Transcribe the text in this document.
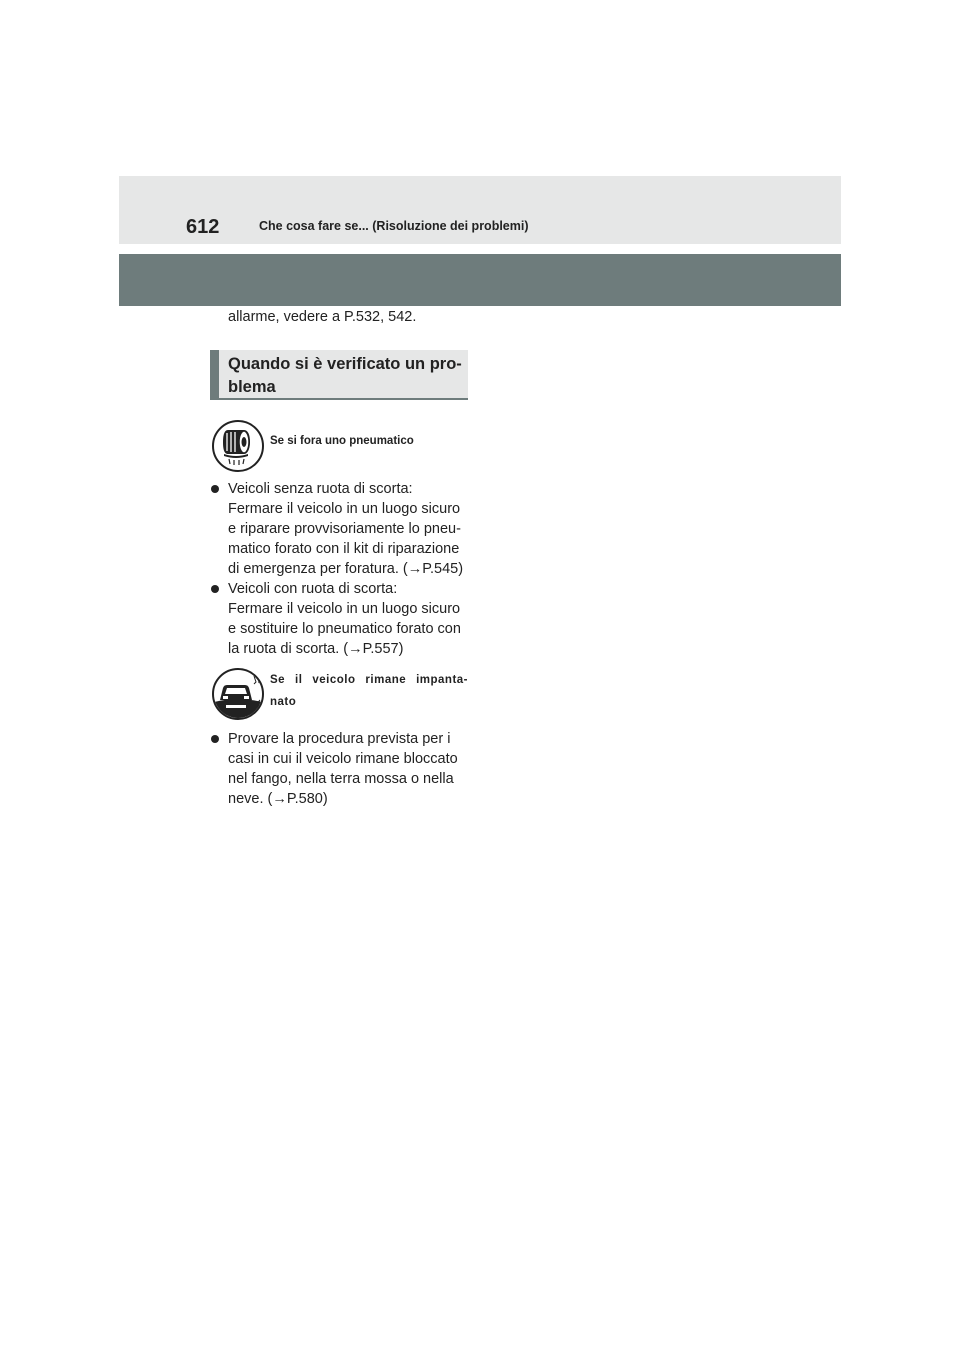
612	Che cosa fare se... (Risoluzione dei problemi)
allarme, vedere a P.532, 542.
Quando si è verificato un pro-
blema
Se si fora uno pneumatico
Veicoli senza ruota di scorta:
Fermare il veicolo in un luogo sicuro
e riparare provvisoriamente lo pneu-
matico forato con il kit di riparazione
di emergenza per foratura. (→P.545)
Veicoli con ruota di scorta:
Fermare il veicolo in un luogo sicuro
e sostituire lo pneumatico forato con
la ruota di scorta. (→P.557)
Se il veicolo rimane impanta-
nato
Provare la procedura prevista per i
casi in cui il veicolo rimane bloccato
nel fango, nella terra mossa o nella
neve. (→P.580)
